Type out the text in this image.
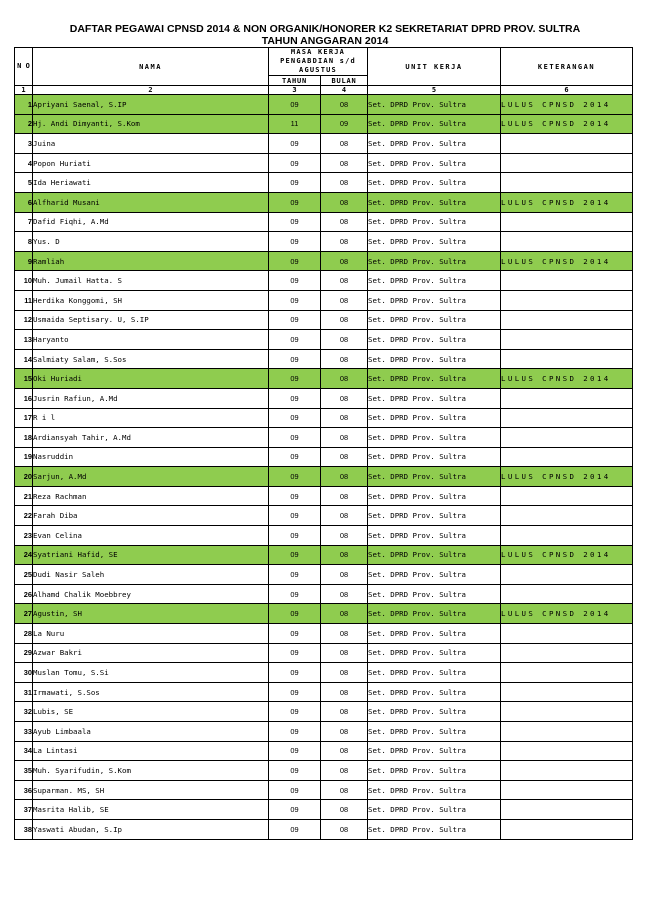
DAFTAR PEGAWAI CPNSD 2014 & NON ORGANIK/HONORER K2 SEKRETARIAT DPRD PROV. SULTRA
TAHUN ANGGARAN 2014
N O	NAMA	MASA KERJA PENGABDIAN s/d AGUSTUS		UNIT KERJA	KETERANGAN
		TAHUN	BULAN		
1	2	3	4	5	6
1	Apriyani Saenal, S.IP	09	08	Set. DPRD Prov. Sultra	LULUS CPNSD 2014
2	Hj. Andi Dimyanti, S.Kom	11	09	Set. DPRD Prov. Sultra	LULUS CPNSD 2014
3	Juina	09	08	Set. DPRD Prov. Sultra	
4	Popon Huriati	09	08	Set. DPRD Prov. Sultra	
5	Ida Heriawati	09	08	Set. DPRD Prov. Sultra	
6	Alfharid Musani	09	08	Set. DPRD Prov. Sultra	LULUS CPNSD 2014
7	Dafid Fiqhi, A.Md	09	08	Set. DPRD Prov. Sultra	
8	Yus. D	09	08	Set. DPRD Prov. Sultra	
9	Ramliah	09	08	Set. DPRD Prov. Sultra	LULUS CPNSD 2014
10	Muh. Jumail Hatta. S	09	08	Set. DPRD Prov. Sultra	
11	Herdika Konggomi, SH	09	08	Set. DPRD Prov. Sultra	
12	Usmaida Septisary. U, S.IP	09	08	Set. DPRD Prov. Sultra	
13	Haryanto	09	08	Set. DPRD Prov. Sultra	
14	Salmiaty Salam, S.Sos	09	08	Set. DPRD Prov. Sultra	
15	Oki Huriadi	09	08	Set. DPRD Prov. Sultra	LULUS CPNSD 2014
16	Jusrin Rafiun, A.Md	09	08	Set. DPRD Prov. Sultra	
17	R i l	09	08	Set. DPRD Prov. Sultra	
18	Ardiansyah Tahir, A.Md	09	08	Set. DPRD Prov. Sultra	
19	Nasruddin	09	08	Set. DPRD Prov. Sultra	
20	Sarjun, A.Md	09	08	Set. DPRD Prov. Sultra	LULUS CPNSD 2014
21	Reza Rachman	09	08	Set. DPRD Prov. Sultra	
22	Farah Diba	09	08	Set. DPRD Prov. Sultra	
23	Evan Celina	09	08	Set. DPRD Prov. Sultra	
24	Syatriani Hafid, SE	09	08	Set. DPRD Prov. Sultra	LULUS CPNSD 2014
25	Dudi Nasir Saleh	09	08	Set. DPRD Prov. Sultra	
26	Alhamd Chalik Moebbrey	09	08	Set. DPRD Prov. Sultra	
27	Agustin, SH	09	08	Set. DPRD Prov. Sultra	LULUS CPNSD 2014
28	La Nuru	09	08	Set. DPRD Prov. Sultra	
29	Azwar Bakri	09	08	Set. DPRD Prov. Sultra	
30	Muslan Tomu, S.Si	09	08	Set. DPRD Prov. Sultra	
31	Irmawati, S.Sos	09	08	Set. DPRD Prov. Sultra	
32	Lubis, SE	09	08	Set. DPRD Prov. Sultra	
33	Ayub Limbaala	09	08	Set. DPRD Prov. Sultra	
34	La Lintasi	09	08	Set. DPRD Prov. Sultra	
35	Muh. Syarifudin, S.Kom	09	08	Set. DPRD Prov. Sultra	
36	Suparman. MS, SH	09	08	Set. DPRD Prov. Sultra	
37	Masrita Halib, SE	09	08	Set. DPRD Prov. Sultra	
38	Yaswati Abudan, S.Ip	09	08	Set. DPRD Prov. Sultra	
